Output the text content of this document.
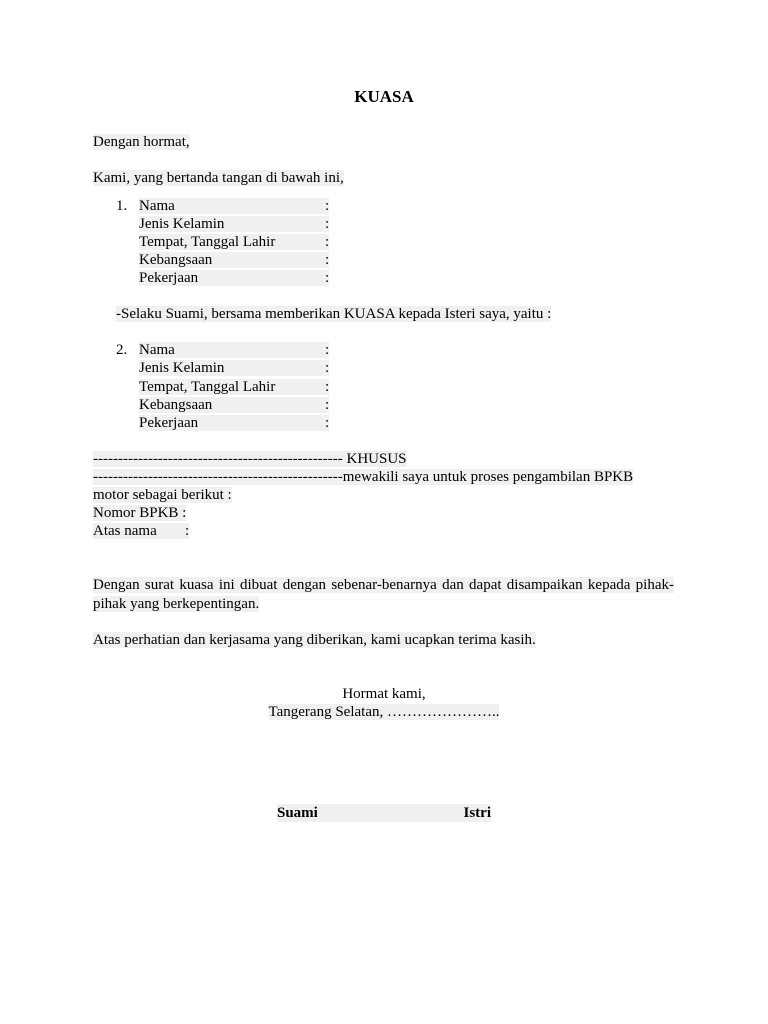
KUASA
Dengan hormat,
Kami, yang bertanda tangan di bawah ini,
1. Nama	:
Jenis Kelamin	:
Tempat, Tanggal Lahir	:
Kebangsaan	:
Pekerjaan	:
-Selaku Suami, bersama memberikan KUASA kepada Isteri saya, yaitu :
2. Nama	:
Jenis Kelamin	:
Tempat, Tanggal Lahir	:
Kebangsaan	:
Pekerjaan	:
-------------------------------------------------- KHUSUS
--------------------------------------------------mewakili saya untuk proses pengambilan BPKB
motor sebagai berikut :
Nomor BPKB :
Atas nama :
Dengan surat kuasa ini dibuat dengan sebenar-benarnya dan dapat disampaikan kepada pihak-pihak yang berkepentingan.
Atas perhatian dan kerjasama yang diberikan, kami ucapkan terima kasih.
Hormat kami,
Tangerang Selatan, …………………..
Suami	Istri
